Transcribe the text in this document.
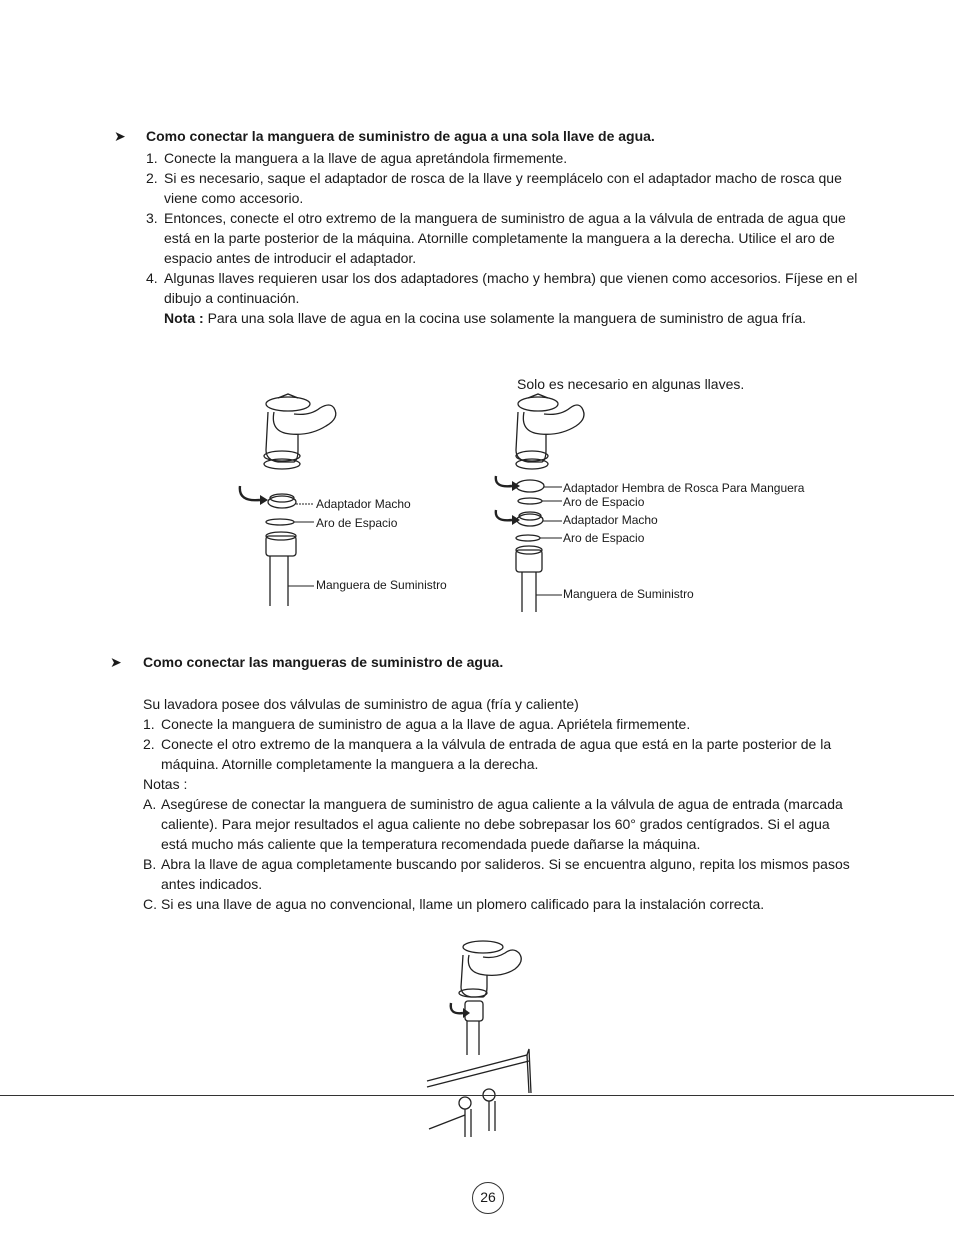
➤ Como conectar la manguera de suministro de agua a una sola llave de agua.
1. Conecte la manguera a la llave de agua apretándola firmemente.
2. Si es necesario, saque el adaptador de rosca de la llave y reemplácelo con el adaptador macho de rosca que viene como accesorio.
3. Entonces, conecte el otro extremo de la manguera de suministro de agua a la válvula de entrada de agua que está en la parte posterior de la máquina. Atornille completamente la manguera a la derecha. Utilice el aro de espacio antes de introducir el adaptador.
4. Algunas llaves requieren usar los dos adaptadores (macho y hembra) que vienen como accesorios. Fíjese en el dibujo a continuación.
Nota : Para una sola llave de agua en la cocina use solamente la manguera de suministro de agua fría.
Solo es necesario en algunas llaves.
Adaptador Macho
Aro de Espacio
Manguera de Suministro
Adaptador Hembra de Rosca Para Manguera
Aro de Espacio
Adaptador Macho
Aro de Espacio
Manguera de Suministro
➤ Como conectar las mangueras de suministro de agua.
Su lavadora posee dos válvulas de suministro de agua (fría y caliente)
1. Conecte la manguera de suministro de agua a la llave de agua. Apriétela firmemente.
2. Conecte el otro extremo de la manquera a la válvula de entrada de agua que está en la parte posterior de la máquina. Atornille completamente la manguera a la derecha.
Notas :
A. Asegúrese de conectar la manguera de suministro de agua caliente a la válvula de agua de entrada (marcada caliente). Para mejor resultados el agua caliente no debe sobrepasar los 60° grados centígrados. Si el agua está mucho más caliente que la temperatura recomendada puede dañarse la máquina.
B. Abra la llave de agua completamente buscando por salideros. Si se encuentra alguno, repita los mismos pasos antes indicados.
C. Si es una llave de agua no convencional, llame un plomero calificado para la instalación correcta.
26
